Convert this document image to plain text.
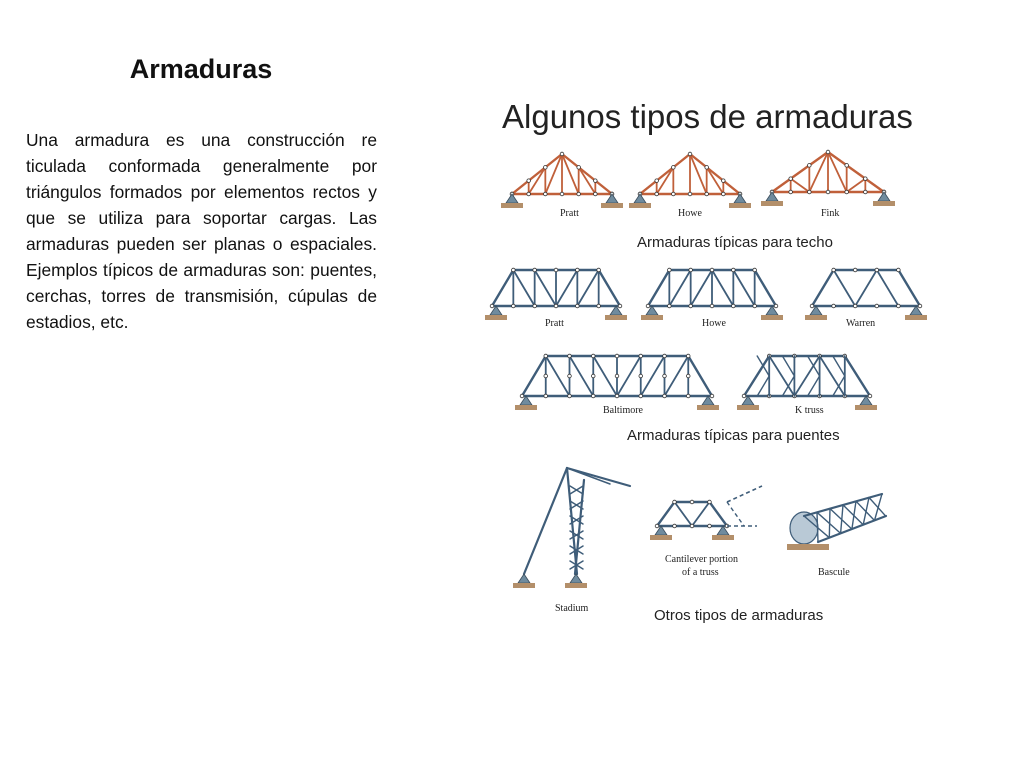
Armaduras
Una armadura es una construcción re ticulada conformada generalmente por triángulos formados por elementos rectos y que se utiliza para soportar cargas. Las armaduras pueden ser planas o espaciales. Ejemplos típicos de armaduras son: puentes, cerchas, torres de transmisión, cúpulas de estadios, etc.
Algunos tipos de armaduras
Pratt	Howe	Fink
Armaduras típicas para techo
Pratt	Howe	Warren
Baltimore	K truss
Armaduras típicas para puentes
Stadium
Cantilever portion
of a truss	Bascule
Otros tipos de armaduras
